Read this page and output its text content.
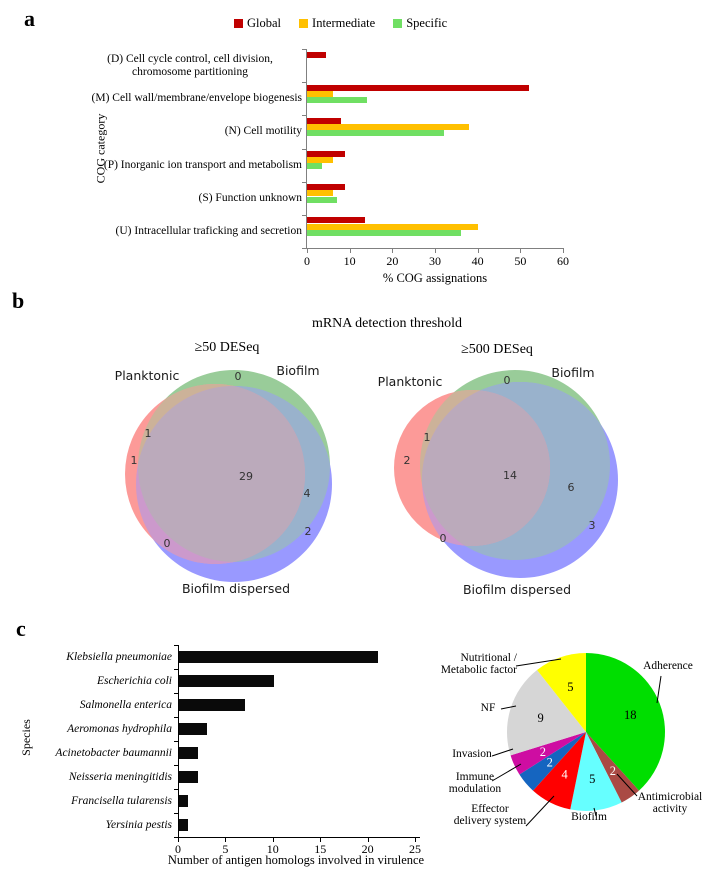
a	Global Intermediate Specific
COG category
(D) Cell cycle control, cell division, chromosome partitioning
(M) Cell wall/membrane/envelope biogenesis
(N) Cell motility
(P) Inorganic ion transport and metabolism
(S) Function unknown
(U) Intracellular traficking and secretion
0	10	20	30	40	50	60
% COG assignations
b
mRNA detection threshold
≥50 DESeq	≥500 DESeq
0
1
1
29
4
2
0
Planktonic	Biofilm
Biofilm dispersed
0
1
2
14
6
3
0
Planktonic
Biofilm
Biofilm dispersed
c
Species
Klebsiella pneumoniae
Escherichia coli
Salmonella enterica
Aeromonas hydrophila
Acinetobacter baumannii
Neisseria meningitidis
Francisella tularensis
Yersinia pestis
0	5	10	15	20	25
Number of antigen homologs involved in virulence
18
2
5
4
2
2
9
5
Nutritional /
Metabolic factor	Adherence
NF
Invasion
Immune
modulation
Effector
delivery system	Biofilm
Antimicrobial
activity
